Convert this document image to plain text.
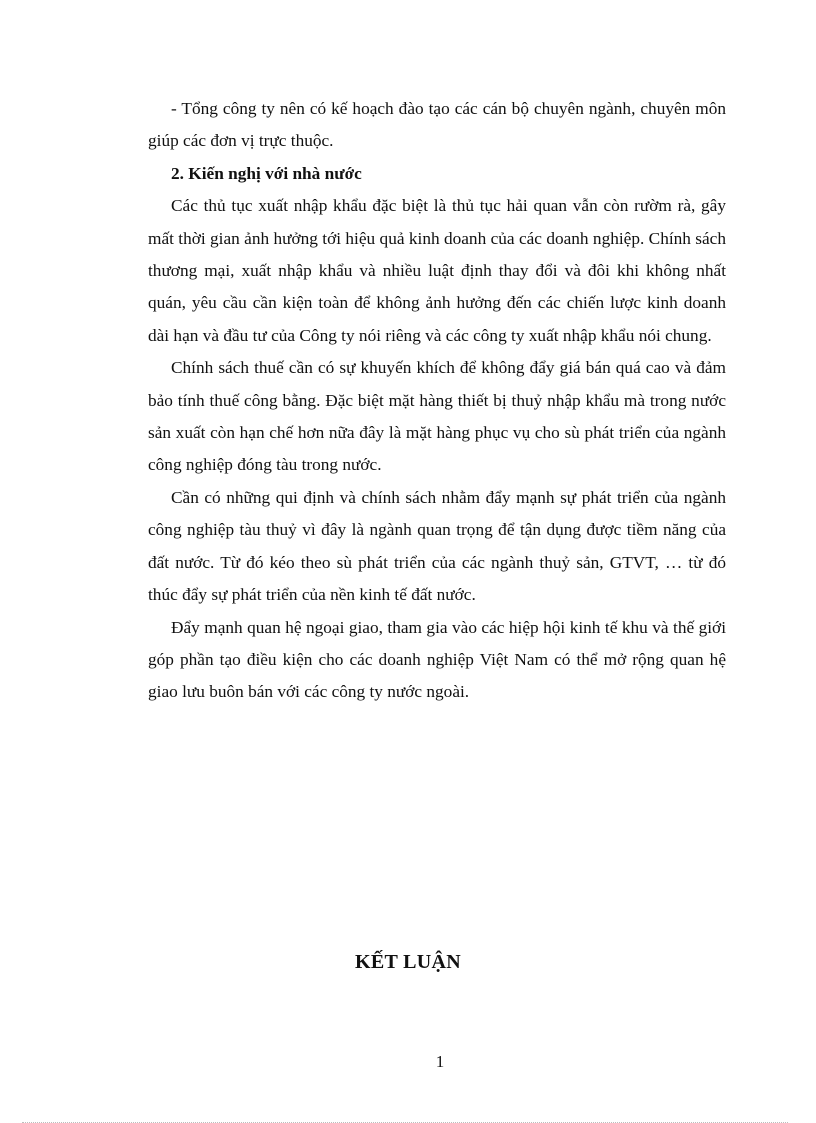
- Tổng công ty nên có kế hoạch đào tạo các cán bộ chuyên ngành, chuyên môn giúp các đơn vị trực thuộc.

2. Kiến nghị với nhà nước

Các thủ tục xuất nhập khẩu đặc biệt là thủ tục hải quan vẫn còn rườm rà, gây mất thời gian ảnh hưởng tới hiệu quả kinh doanh của các doanh nghiệp. Chính sách thương mại, xuất nhập khẩu và nhiều luật định thay đổi và đôi khi không nhất quán, yêu cầu cần kiện toàn để không ảnh hưởng đến các chiến lược kinh doanh dài hạn và đầu tư của Công ty nói riêng và các công ty xuất nhập khẩu nói chung.

Chính sách thuế cần có sự khuyến khích để không đẩy giá bán quá cao và đảm bảo tính thuế công bằng. Đặc biệt mặt hàng thiết bị thuỷ nhập khẩu mà trong nước sản xuất còn hạn chế hơn nữa đây là mặt hàng phục vụ cho sù phát triển của ngành công nghiệp đóng tàu trong nước.

Cần có những qui định và chính sách nhằm đẩy mạnh sự phát triển của ngành công nghiệp tàu thuỷ vì đây là ngành quan trọng để tận dụng được tiềm năng của đất nước. Từ đó kéo theo sù phát triển của các ngành thuỷ sản, GTVT, … từ đó thúc đẩy sự phát triển của nền kinh tế đất nước.

Đẩy mạnh quan hệ ngoại giao, tham gia vào các hiệp hội kinh tế khu và thế giới góp phần tạo điều kiện cho các doanh nghiệp Việt Nam có thể mở rộng quan hệ giao lưu buôn bán với các công ty nước ngoài.

KẾT LUẬN

1
